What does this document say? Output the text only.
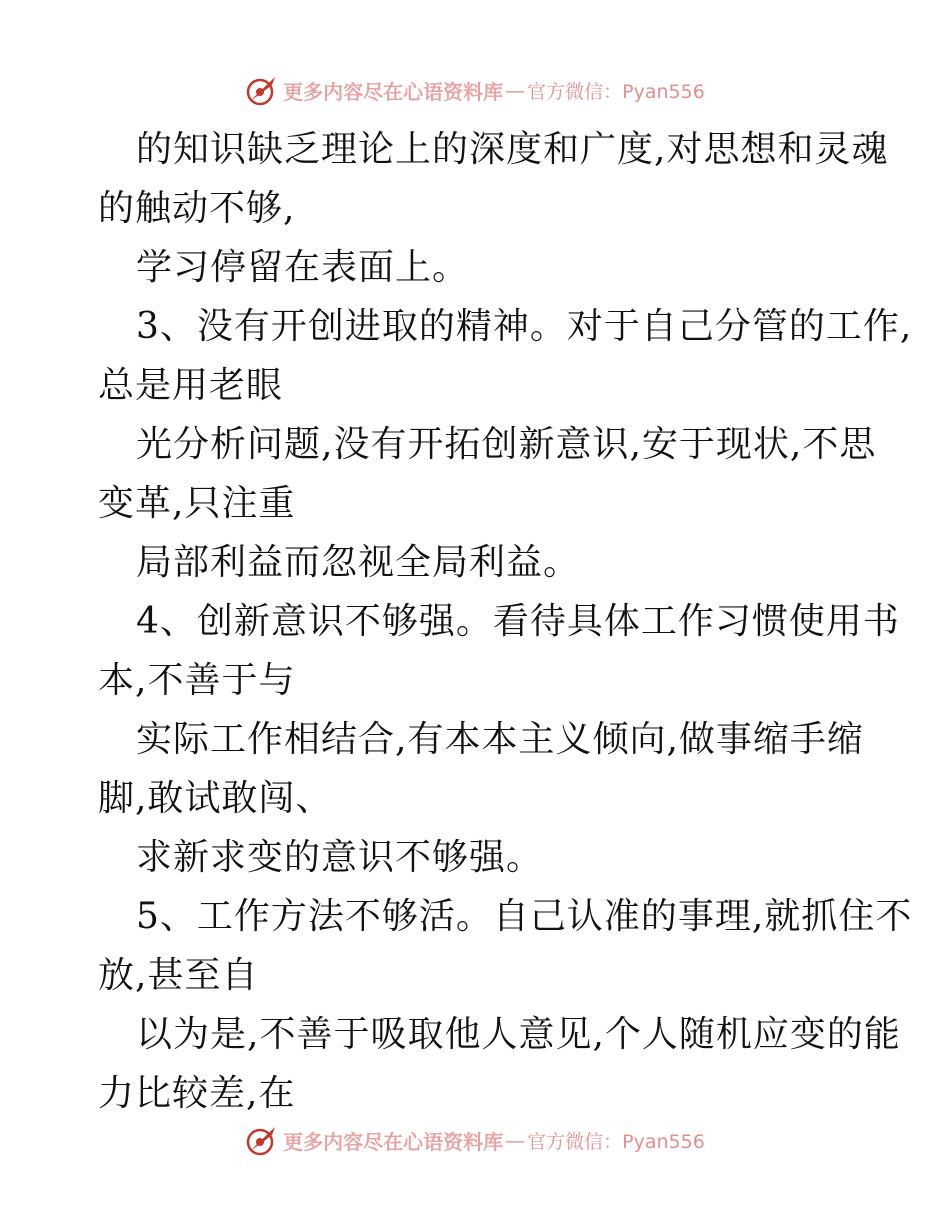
更多内容尽在心语资料库 — 官方微信：Pyan556
的知识缺乏理论上的深度和广度,对思想和灵魂
的触动不够,
学习停留在表面上。
3、没有开创进取的精神。对于自己分管的工作,
总是用老眼
光分析问题,没有开拓创新意识,安于现状,不思
变革,只注重
局部利益而忽视全局利益。
4、创新意识不够强。看待具体工作习惯使用书
本,不善于与
实际工作相结合,有本本主义倾向,做事缩手缩
脚,敢试敢闯、
求新求变的意识不够强。
5、工作方法不够活。自己认准的事理,就抓住不
放,甚至自
以为是,不善于吸取他人意见,个人随机应变的能
力比较差,在
更多内容尽在心语资料库 — 官方微信：Pyan556
